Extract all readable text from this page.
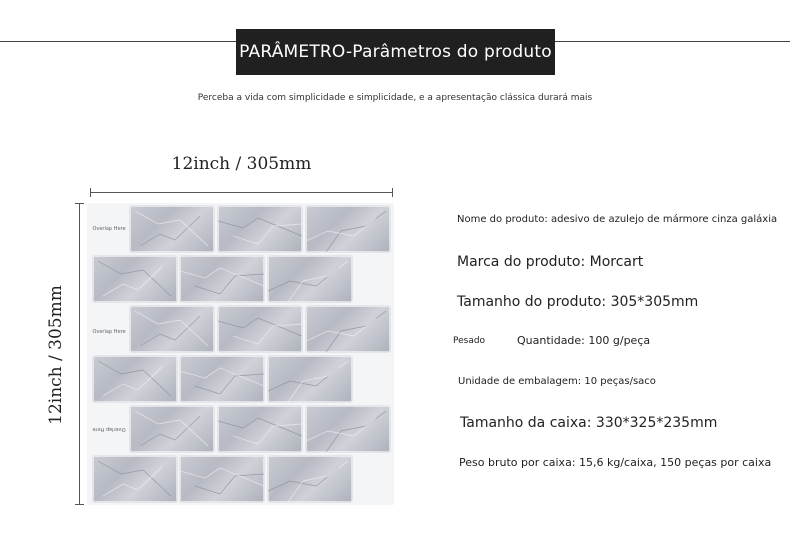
PARÂMETRO-Parâmetros do produto
Perceba a vida com simplicidade e simplicidade, e a apresentação clássica durará mais
12inch / 305mm
12inch / 305mm
Overlap Here
Overlap Here
Overlap Here
Nome do produto: adesivo de azulejo de mármore cinza galáxia
Marca do produto: Morcart
Tamanho do produto: 305*305mm
Pesado	Quantidade: 100 g/peça
Unidade de embalagem: 10 peças/saco
Tamanho da caixa: 330*325*235mm
Peso bruto por caixa: 15,6 kg/caixa, 150 peças por caixa
